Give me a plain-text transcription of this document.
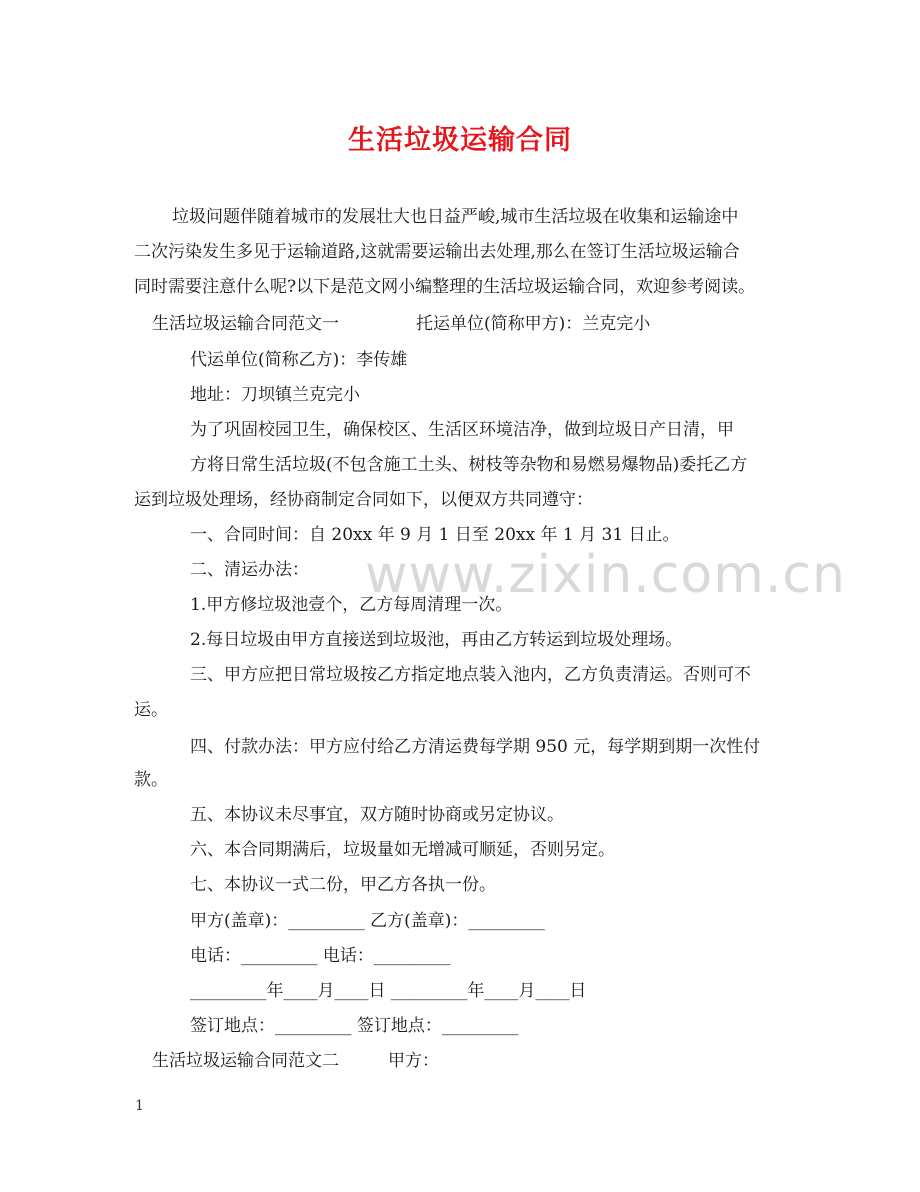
www.zixin.com.cn
生活垃圾运输合同
垃圾问题伴随着城市的发展壮大也日益严峻,城市生活垃圾在收集和运输途中
二次污染发生多见于运输道路,这就需要运输出去处理,那么在签订生活垃圾运输合
同时需要注意什么呢?以下是范文网小编整理的生活垃圾运输合同，欢迎参考阅读。
生活垃圾运输合同范文一	托运单位(简称甲方)：兰克完小
代运单位(简称乙方)：李传雄
地址：刀坝镇兰克完小
为了巩固校园卫生，确保校区、生活区环境洁净，做到垃圾日产日清，甲
方将日常生活垃圾(不包含施工土头、树枝等杂物和易燃易爆物品)委托乙方
运到垃圾处理场，经协商制定合同如下，以便双方共同遵守：
一、合同时间：自 20xx 年 9 月 1 日至 20xx 年 1 月 31 日止。
二、清运办法：
1.甲方修垃圾池壹个，乙方每周清理一次。
2.每日垃圾由甲方直接送到垃圾池，再由乙方转运到垃圾处理场。
三、甲方应把日常垃圾按乙方指定地点装入池内，乙方负责清运。否则可不
运。
四、付款办法：甲方应付给乙方清运费每学期 950 元，每学期到期一次性付
款。
五、本协议未尽事宜，双方随时协商或另定协议。
六、本合同期满后，垃圾量如无增减可顺延，否则另定。
七、本协议一式二份，甲乙方各执一份。
甲方(盖章)：_________ 乙方(盖章)：_________
电话：_________ 电话：_________
_________年____月____日 _________年____月____日
签订地点：_________ 签订地点：_________
生活垃圾运输合同范文二	甲方：
1
